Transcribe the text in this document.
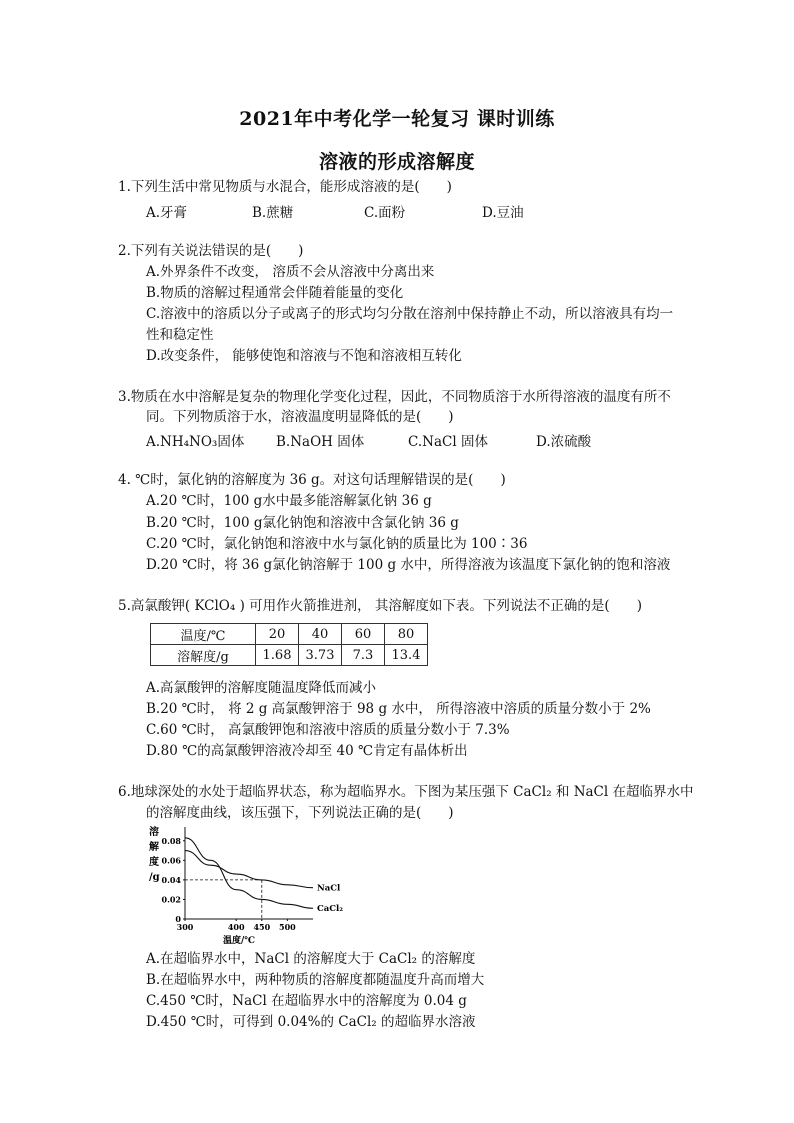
2021年中考化学一轮复习 课时训练
溶液的形成溶解度
1.下列生活中常见物质与水混合，能形成溶液的是(　　)
A.牙膏	B.蔗糖	C.面粉	D.豆油
2.下列有关说法错误的是(　　)
A.外界条件不改变， 溶质不会从溶液中分离出来
B.物质的溶解过程通常会伴随着能量的变化
C.溶液中的溶质以分子或离子的形式均匀分散在溶剂中保持静止不动，所以溶液具有均一
性和稳定性
D.改变条件， 能够使饱和溶液与不饱和溶液相互转化
3.物质在水中溶解是复杂的物理化学变化过程，因此，不同物质溶于水所得溶液的温度有所不
同。下列物质溶于水，溶液温度明显降低的是(　　)
A.NH₄NO₃固体 B.NaOH 固体	C.NaCl 固体	D.浓硫酸
4. ℃时，氯化钠的溶解度为 36 g。对这句话理解错误的是(　　)
A.20 ℃时，100 g水中最多能溶解氯化钠 36 g
B.20 ℃时，100 g氯化钠饱和溶液中含氯化钠 36 g
C.20 ℃时，氯化钠饱和溶液中水与氯化钠的质量比为 100∶36
D.20 ℃时，将 36 g氯化钠溶解于 100 g 水中，所得溶液为该温度下氯化钠的饱和溶液
5.高氯酸钾( KClO₄ ) 可用作火箭推进剂， 其溶解度如下表。下列说法不正确的是(　　)
温度/℃	20	40	60	80
溶解度/g	1.68	3.73	7.3	13.4
A.高氯酸钾的溶解度随温度降低而减小
B.20 ℃时， 将 2 g 高氯酸钾溶于 98 g 水中， 所得溶液中溶质的质量分数小于 2%
C.60 ℃时， 高氯酸钾饱和溶液中溶质的质量分数小于 7.3%
D.80 ℃的高氯酸钾溶液冷却至 40 ℃肯定有晶体析出
6.地球深处的水处于超临界状态，称为超临界水。下图为某压强下 CaCl₂ 和 NaCl 在超临界水中
的溶解度曲线，该压强下，下列说法正确的是(　　)
0
0.02
0.04
0.06
0.08
300	400 450 500
溶
解
度
/g
温度/℃
NaCl
CaCl₂
A.在超临界水中，NaCl 的溶解度大于 CaCl₂ 的溶解度
B.在超临界水中，两种物质的溶解度都随温度升高而增大
C.450 ℃时，NaCl 在超临界水中的溶解度为 0.04 g
D.450 ℃时，可得到 0.04%的 CaCl₂ 的超临界水溶液
